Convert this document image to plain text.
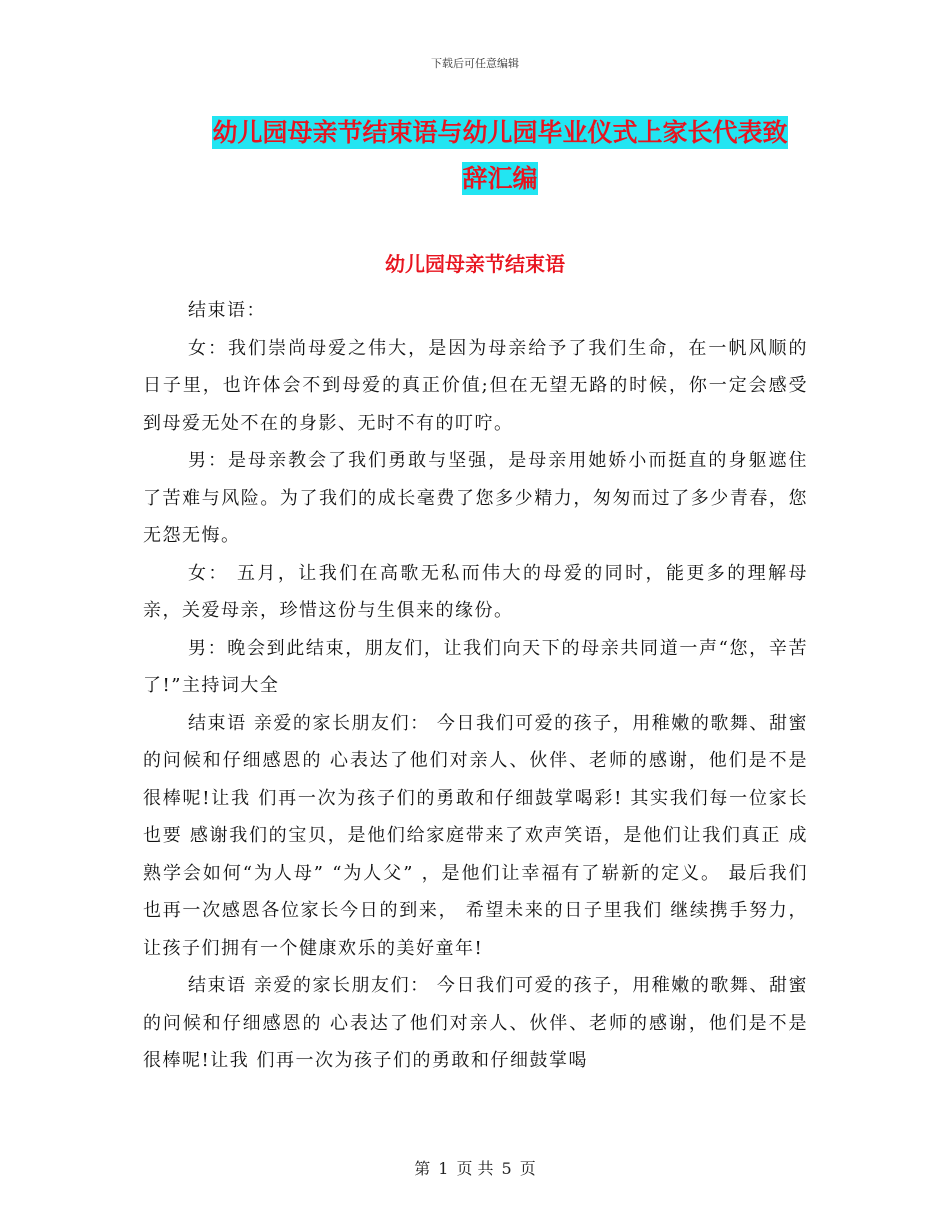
下载后可任意编辑
幼儿园母亲节结束语与幼儿园毕业仪式上家长代表致
辞汇编
幼儿园母亲节结束语

结束语：

女：我们崇尚母爱之伟大，是因为母亲给予了我们生命，在一帆风顺的日子里，也许体会不到母爱的真正价值;但在无望无路的时候，你一定会感受到母爱无处不在的身影、无时不有的叮咛。

男：是母亲教会了我们勇敢与坚强，是母亲用她娇小而挺直的身躯遮住了苦难与风险。为了我们的成长毫费了您多少精力，匆匆而过了多少青春，您无怨无悔。

女： 五月，让我们在高歌无私而伟大的母爱的同时，能更多的理解母亲，关爱母亲，珍惜这份与生俱来的缘份。

男：晚会到此结束，朋友们，让我们向天下的母亲共同道一声“您，辛苦了!”主持词大全

结束语 亲爱的家长朋友们： 今日我们可爱的孩子，用稚嫩的歌舞、甜蜜的问候和仔细感恩的 心表达了他们对亲人、伙伴、老师的感谢，他们是不是很棒呢!让我 们再一次为孩子们的勇敢和仔细鼓掌喝彩! 其实我们每一位家长也要 感谢我们的宝贝，是他们给家庭带来了欢声笑语，是他们让我们真正 成熟学会如何“为人母” “为人父” ，是他们让幸福有了崭新的定义。 最后我们也再一次感恩各位家长今日的到来， 希望未来的日子里我们 继续携手努力，让孩子们拥有一个健康欢乐的美好童年!

结束语 亲爱的家长朋友们： 今日我们可爱的孩子，用稚嫩的歌舞、甜蜜的问候和仔细感恩的 心表达了他们对亲人、伙伴、老师的感谢，他们是不是很棒呢!让我 们再一次为孩子们的勇敢和仔细鼓掌喝

第 1 页 共 5 页
